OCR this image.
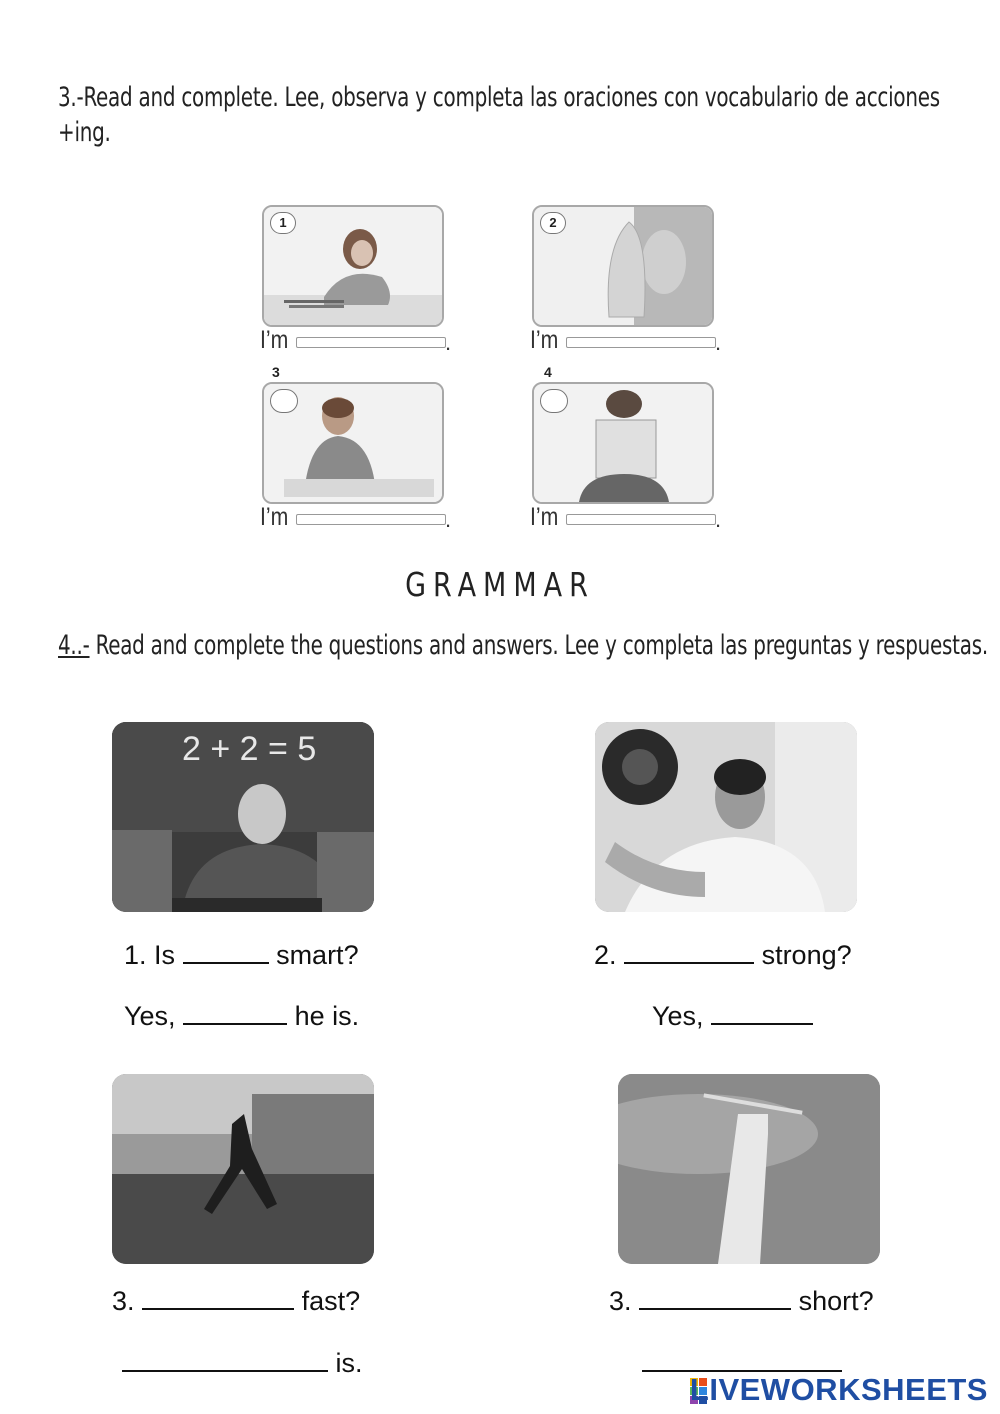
3.-Read and complete. Lee, observa y completa las oraciones con vocabulario de acciones +ing.
1
I’m	.
2
I’m	.
3
I’m	.
4
I’m	.
GRAMMAR
4..- Read and complete the questions and answers. Lee y completa las preguntas y respuestas.
2 + 2 = 5
1. Is	smart?
Yes,	he is.
2.	strong?
Yes,
3.	fast?
is.
3.	short?
LIVEWORKSHEETS
